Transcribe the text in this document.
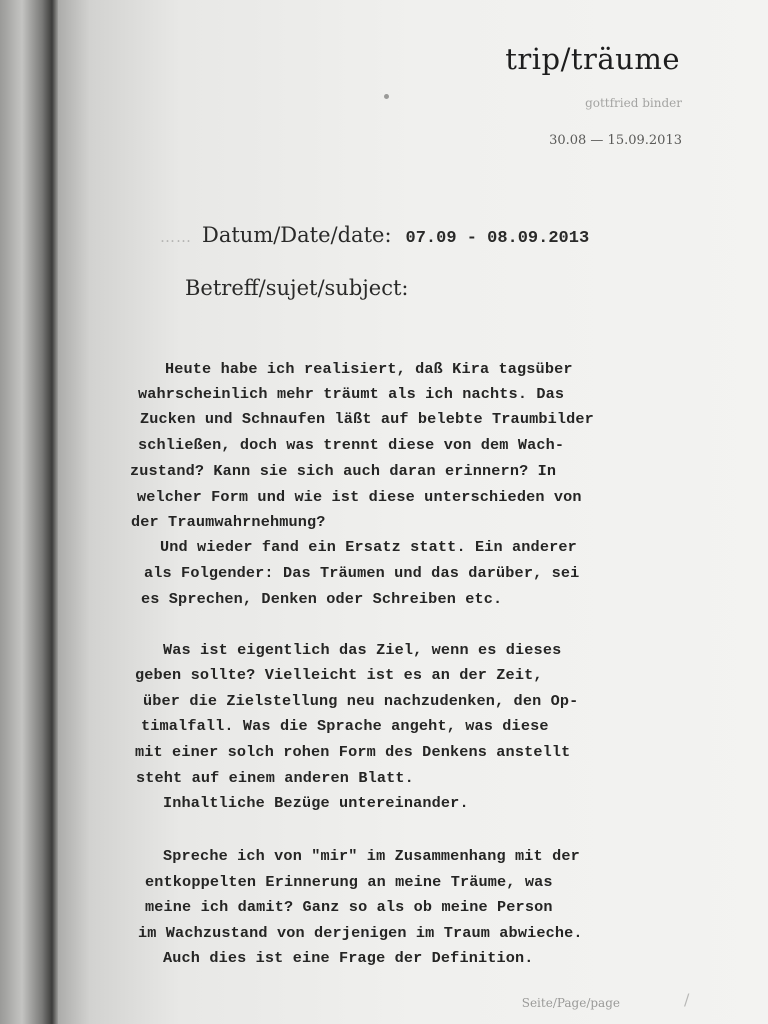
trip/träume
gottfried binder
30.08 — 15.09.2013
…… Datum/Date/date: 07.09 - 08.09.2013
Betreff/sujet/subject:
Heute habe ich realisiert, daß Kira tagsüber
wahrscheinlich mehr träumt als ich nachts. Das
Zucken und Schnaufen läßt auf belebte Traumbilder
schließen, doch was trennt diese von dem Wach-
zustand? Kann sie sich auch daran erinnern? In
welcher Form und wie ist diese unterschieden von
der Traumwahrnehmung?
Und wieder fand ein Ersatz statt. Ein anderer
als Folgender: Das Träumen und das darüber, sei
es Sprechen, Denken oder Schreiben etc.
Was ist eigentlich das Ziel, wenn es dieses
geben sollte? Vielleicht ist es an der Zeit,
über die Zielstellung neu nachzudenken, den Op-
timalfall. Was die Sprache angeht, was diese
mit einer solch rohen Form des Denkens anstellt
steht auf einem anderen Blatt.
Inhaltliche Bezüge untereinander.
Spreche ich von "mir" im Zusammenhang mit der
entkoppelten Erinnerung an meine Träume, was
meine ich damit? Ganz so als ob meine Person
im Wachzustand von derjenigen im Traum abwieche.
Auch dies ist eine Frage der Definition.
Seite/Page/page	/
